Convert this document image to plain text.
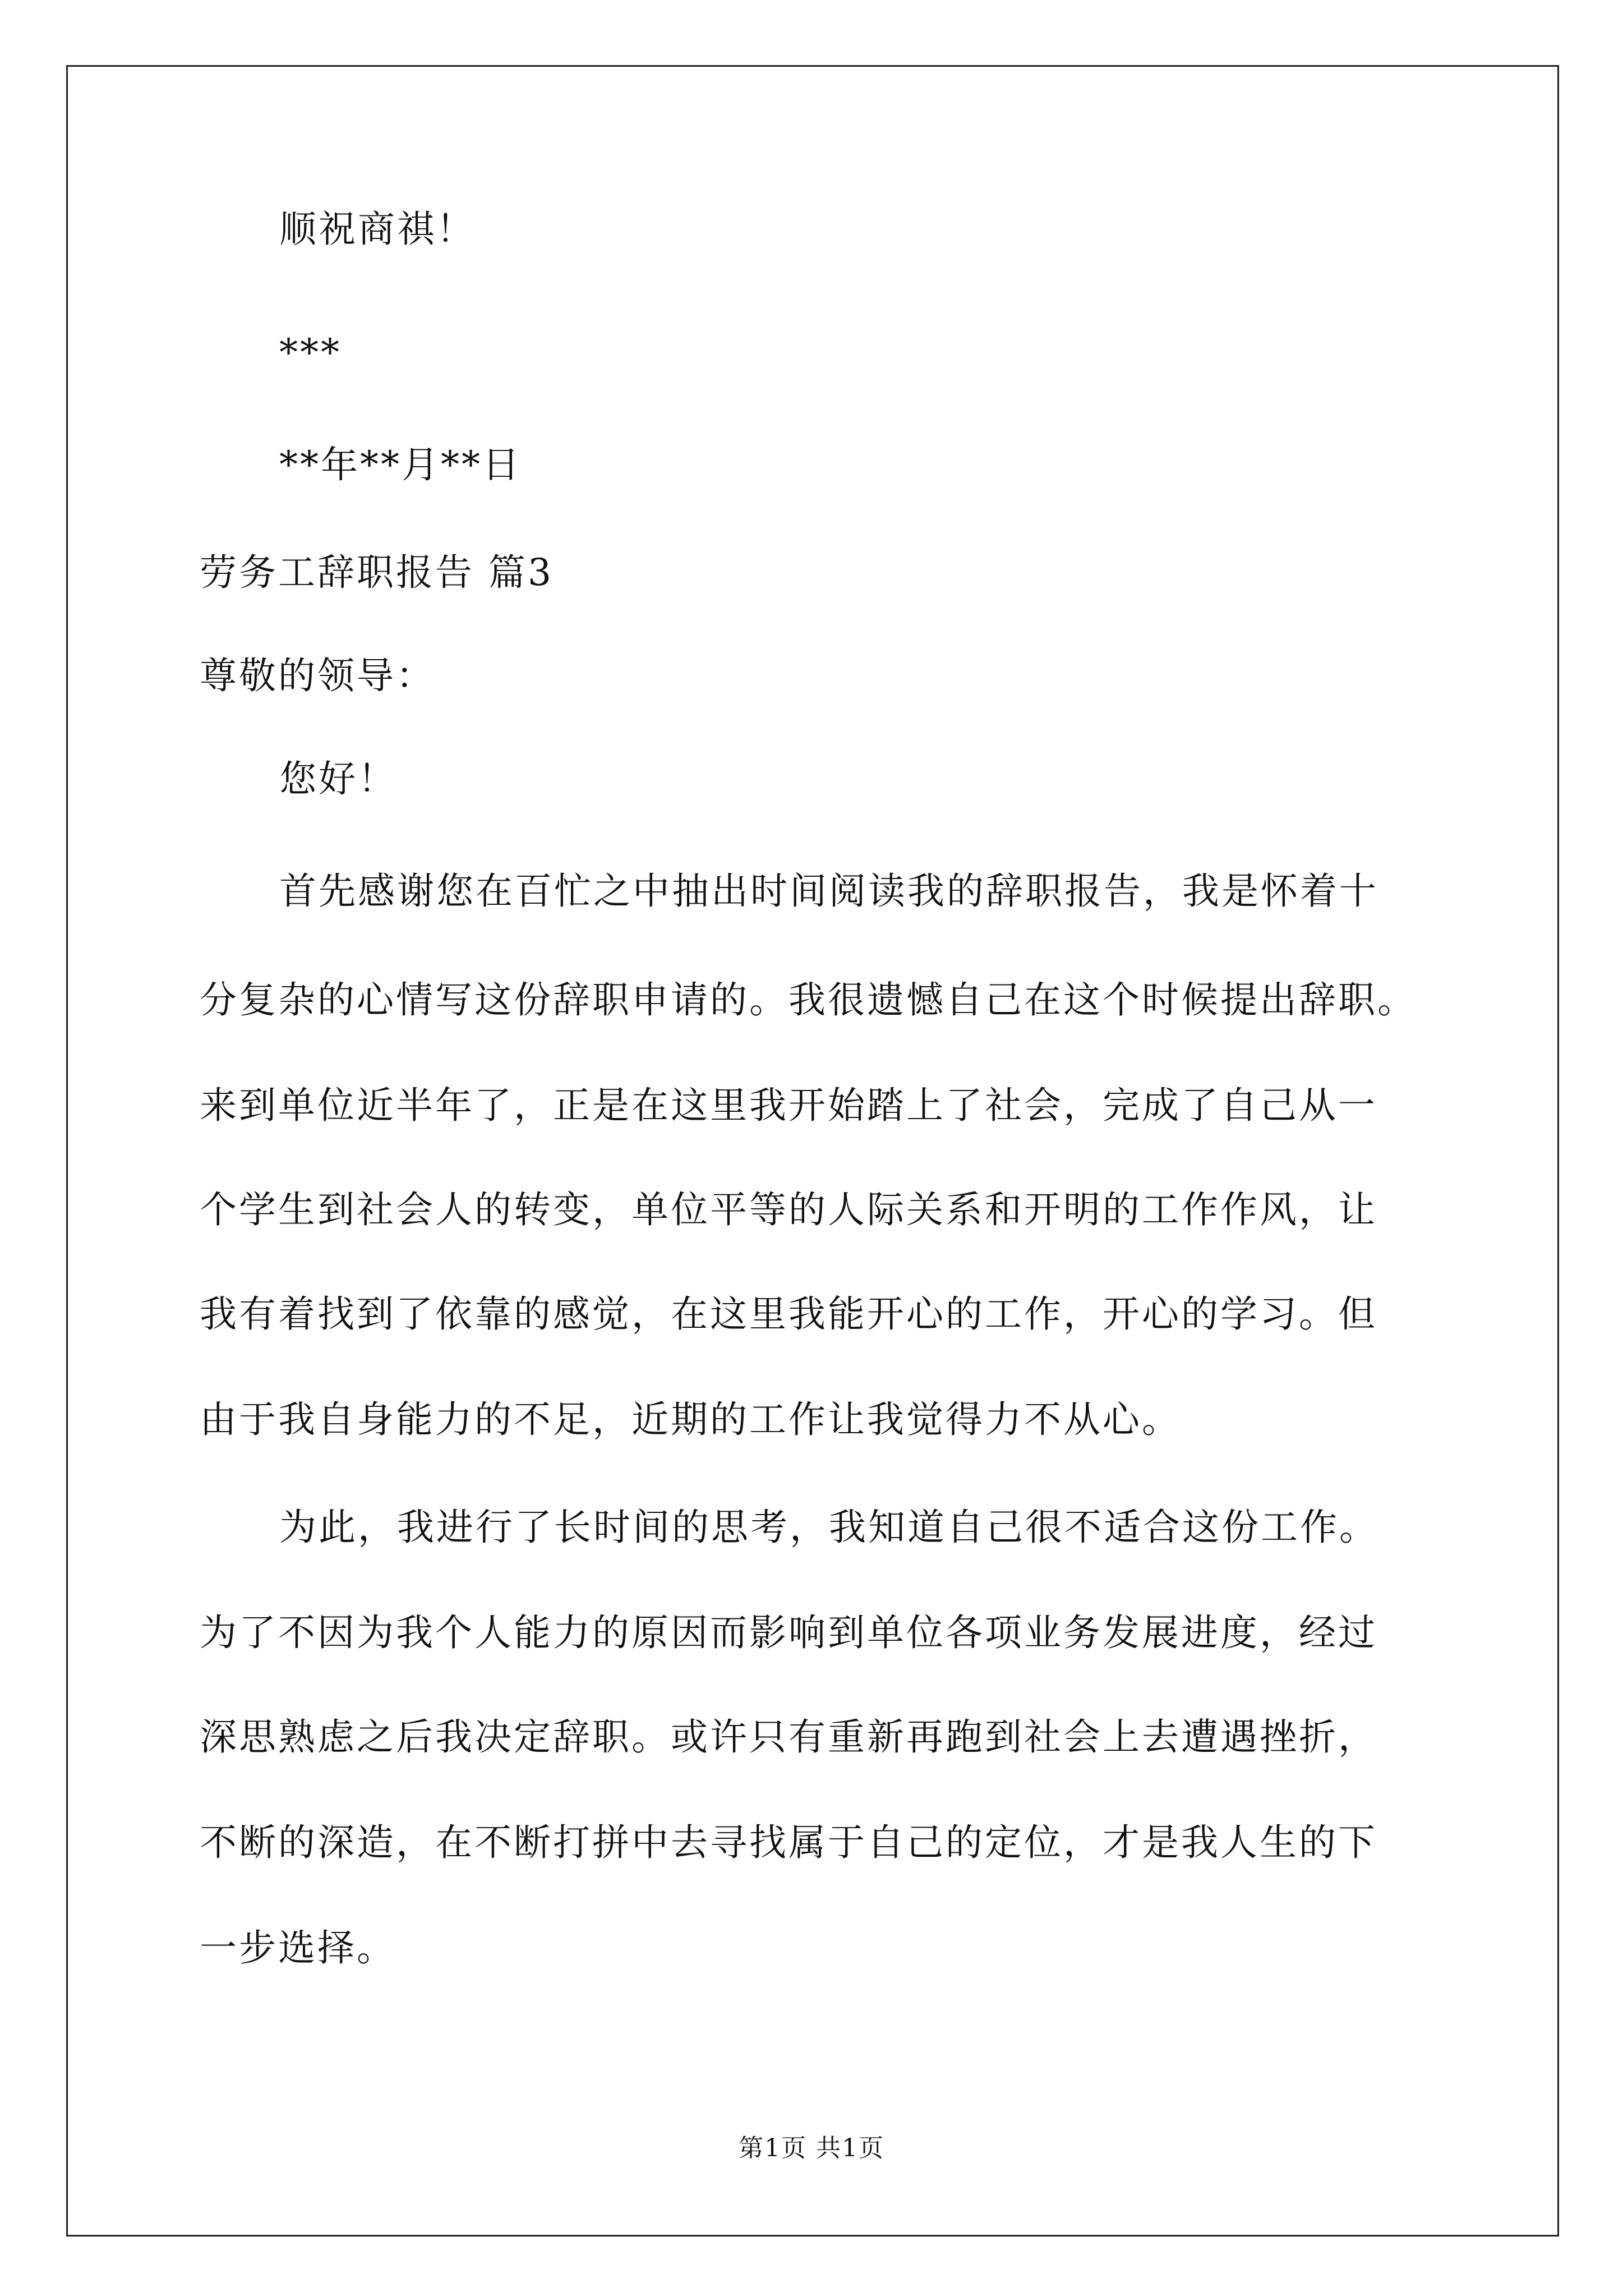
顺祝商祺！

***

**年**月**日

劳务工辞职报告 篇3

尊敬的领导：

您好！

首先感谢您在百忙之中抽出时间阅读我的辞职报告，我是怀着十

分复杂的心情写这份辞职申请的。我很遗憾自己在这个时候提出辞职。

来到单位近半年了，正是在这里我开始踏上了社会，完成了自己从一

个学生到社会人的转变，单位平等的人际关系和开明的工作作风，让

我有着找到了依靠的感觉，在这里我能开心的工作，开心的学习。但

由于我自身能力的不足，近期的工作让我觉得力不从心。

为此，我进行了长时间的思考，我知道自己很不适合这份工作。

为了不因为我个人能力的原因而影响到单位各项业务发展进度，经过

深思熟虑之后我决定辞职。或许只有重新再跑到社会上去遭遇挫折，

不断的深造，在不断打拼中去寻找属于自己的定位，才是我人生的下

一步选择。

第1页 共1页
